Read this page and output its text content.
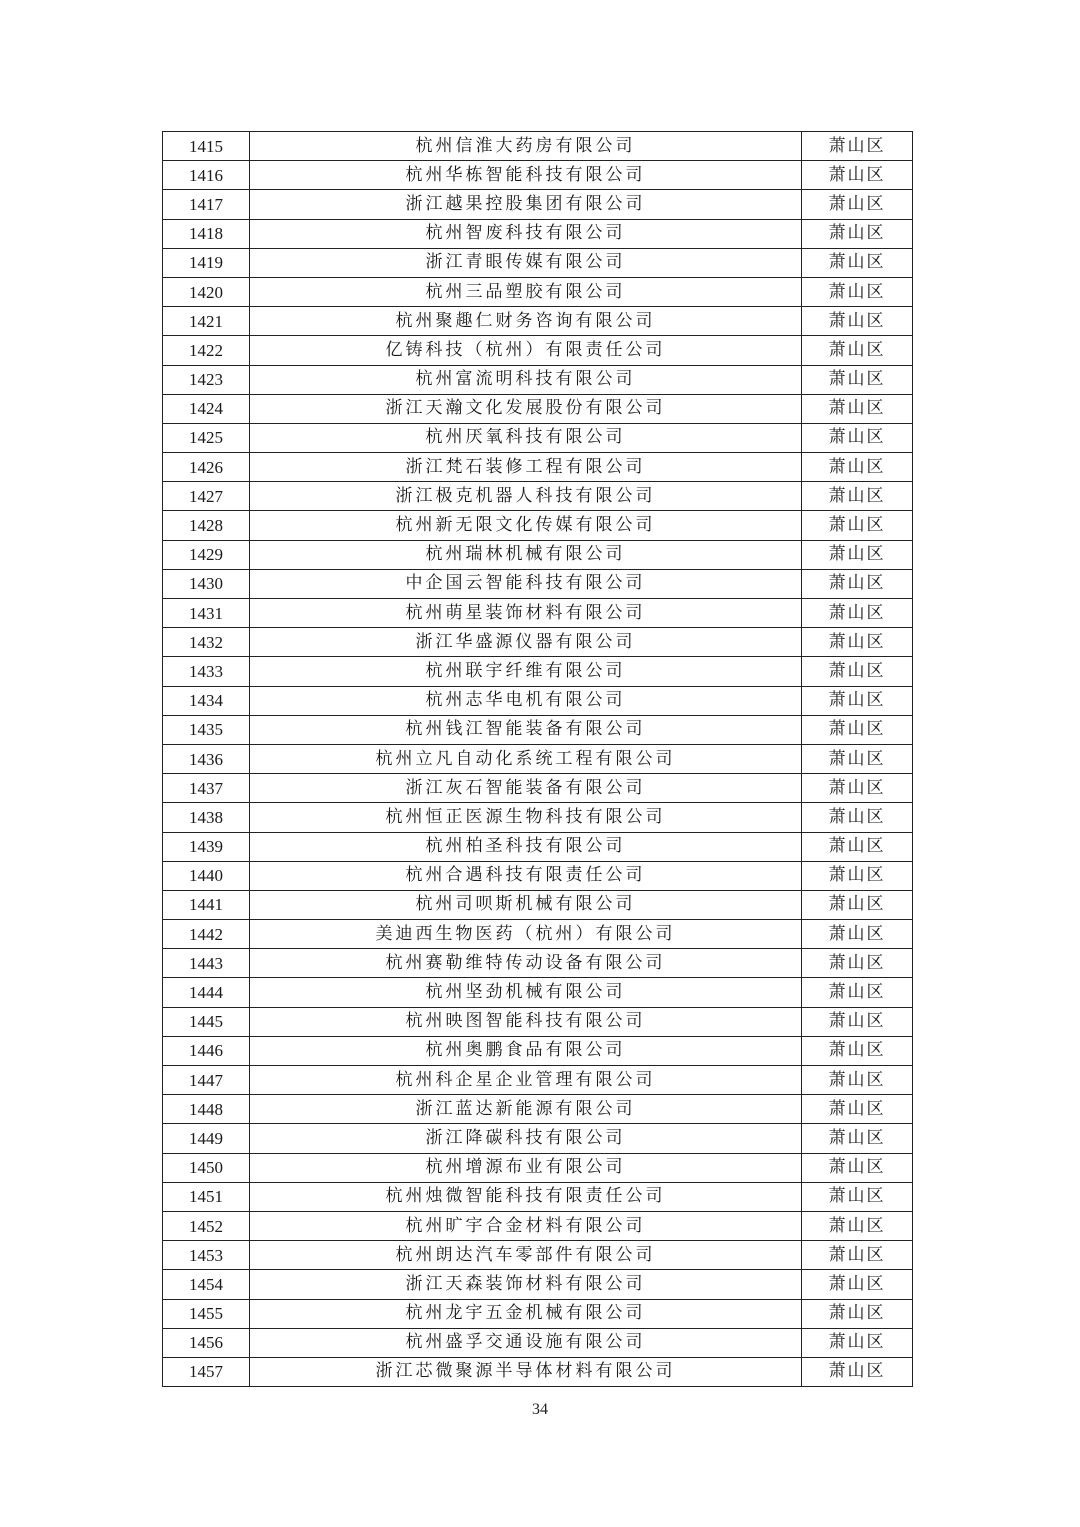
1415	杭州信淮大药房有限公司	萧山区
1416	杭州华栋智能科技有限公司	萧山区
1417	浙江越果控股集团有限公司	萧山区
1418	杭州智废科技有限公司	萧山区
1419	浙江青眼传媒有限公司	萧山区
1420	杭州三品塑胶有限公司	萧山区
1421	杭州聚趣仁财务咨询有限公司	萧山区
1422	亿铸科技（杭州）有限责任公司	萧山区
1423	杭州富流明科技有限公司	萧山区
1424	浙江天瀚文化发展股份有限公司	萧山区
1425	杭州厌氧科技有限公司	萧山区
1426	浙江梵石装修工程有限公司	萧山区
1427	浙江极克机器人科技有限公司	萧山区
1428	杭州新无限文化传媒有限公司	萧山区
1429	杭州瑞林机械有限公司	萧山区
1430	中企国云智能科技有限公司	萧山区
1431	杭州萌星装饰材料有限公司	萧山区
1432	浙江华盛源仪器有限公司	萧山区
1433	杭州联宇纤维有限公司	萧山区
1434	杭州志华电机有限公司	萧山区
1435	杭州钱江智能装备有限公司	萧山区
1436	杭州立凡自动化系统工程有限公司	萧山区
1437	浙江灰石智能装备有限公司	萧山区
1438	杭州恒正医源生物科技有限公司	萧山区
1439	杭州柏圣科技有限公司	萧山区
1440	杭州合遇科技有限责任公司	萧山区
1441	杭州司呗斯机械有限公司	萧山区
1442	美迪西生物医药（杭州）有限公司	萧山区
1443	杭州赛勒维特传动设备有限公司	萧山区
1444	杭州坚劲机械有限公司	萧山区
1445	杭州映图智能科技有限公司	萧山区
1446	杭州奥鹏食品有限公司	萧山区
1447	杭州科企星企业管理有限公司	萧山区
1448	浙江蓝达新能源有限公司	萧山区
1449	浙江降碳科技有限公司	萧山区
1450	杭州增源布业有限公司	萧山区
1451	杭州烛微智能科技有限责任公司	萧山区
1452	杭州旷宇合金材料有限公司	萧山区
1453	杭州朗达汽车零部件有限公司	萧山区
1454	浙江天森装饰材料有限公司	萧山区
1455	杭州龙宇五金机械有限公司	萧山区
1456	杭州盛孚交通设施有限公司	萧山区
1457	浙江芯微聚源半导体材料有限公司	萧山区
34
